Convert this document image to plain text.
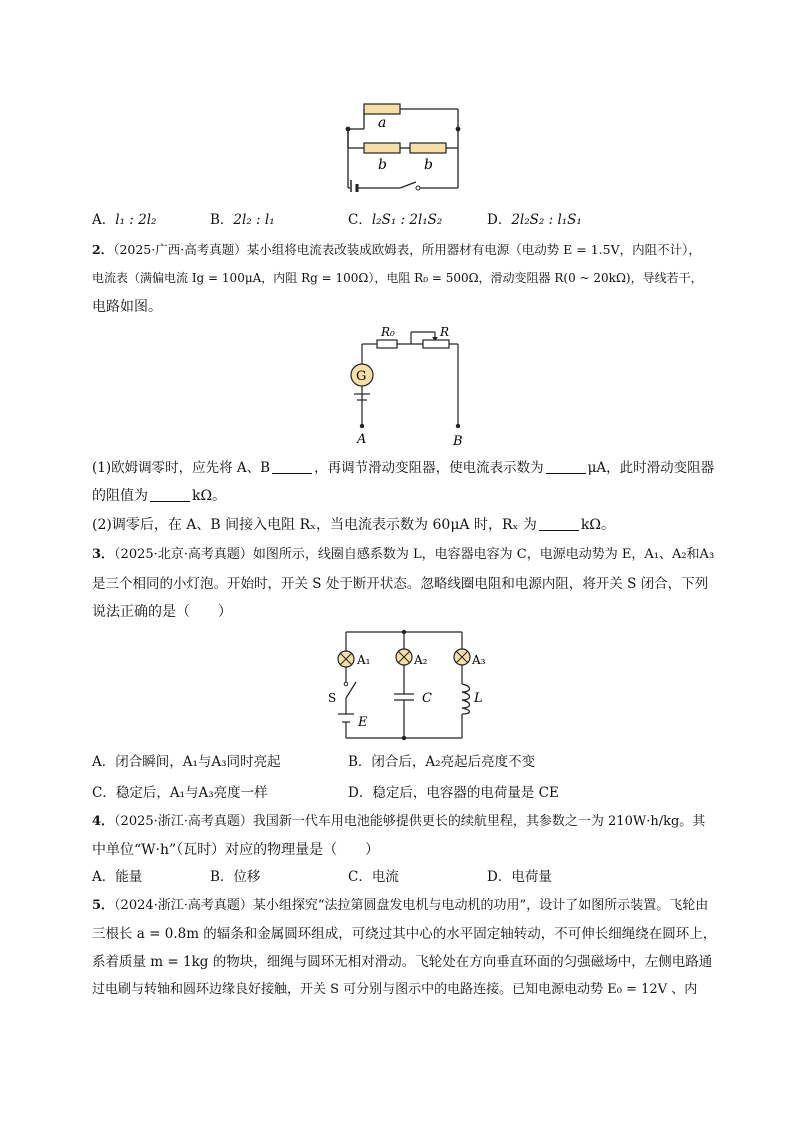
a
b	b
A．l₁ : 2l₂	B．2l₂ : l₁	C．l₂S₁ : 2l₁S₂	D．2l₂S₂ : l₁S₁
2．（2025·广西·高考真题）某小组将电流表改装成欧姆表，所用器材有电源（电动势 E = 1.5V，内阻不计），
电流表（满偏电流 Ig = 100μA，内阻 Rg = 100Ω），电阻 R₀ = 500Ω，滑动变阻器 R(0 ~ 20kΩ)，导线若干，
电路如图。
G
R₀	R
A	B
(1)欧姆调零时，应先将 A、B	，再调节滑动变阻器，使电流表示数为	μA，此时滑动变阻器
的阻值为	kΩ。
(2)调零后，在 A、B 间接入电阻 Rₓ，当电流表示数为 60μA 时，Rₓ 为	kΩ。
3．（2025·北京·高考真题）如图所示，线圈自感系数为 L，电容器电容为 C，电源电动势为 E，A₁、A₂和A₃
是三个相同的小灯泡。开始时，开关 S 处于断开状态。忽略线圈电阻和电源内阻，将开关 S 闭合，下列
说法正确的是（　　）
A₁	A₂	A₃
S
E
C	L
A．闭合瞬间，A₁与A₃同时亮起	B．闭合后，A₂亮起后亮度不变
C．稳定后，A₁与A₃亮度一样	D．稳定后，电容器的电荷量是 CE
4．（2025·浙江·高考真题）我国新一代车用电池能够提供更长的续航里程，其参数之一为 210W·h/kg。其
中单位“W·h”（瓦时）对应的物理量是（　　）
A．能量	B．位移	C．电流	D．电荷量
5．（2024·浙江·高考真题）某小组探究“法拉第圆盘发电机与电动机的功用”，设计了如图所示装置。飞轮由
三根长 a = 0.8m 的辐条和金属圆环组成，可绕过其中心的水平固定轴转动，不可伸长细绳绕在圆环上，
系着质量 m = 1kg 的物块，细绳与圆环无相对滑动。飞轮处在方向垂直环面的匀强磁场中，左侧电路通
过电刷与转轴和圆环边缘良好接触，开关 S 可分别与图示中的电路连接。已知电源电动势 E₀ = 12V 、内
